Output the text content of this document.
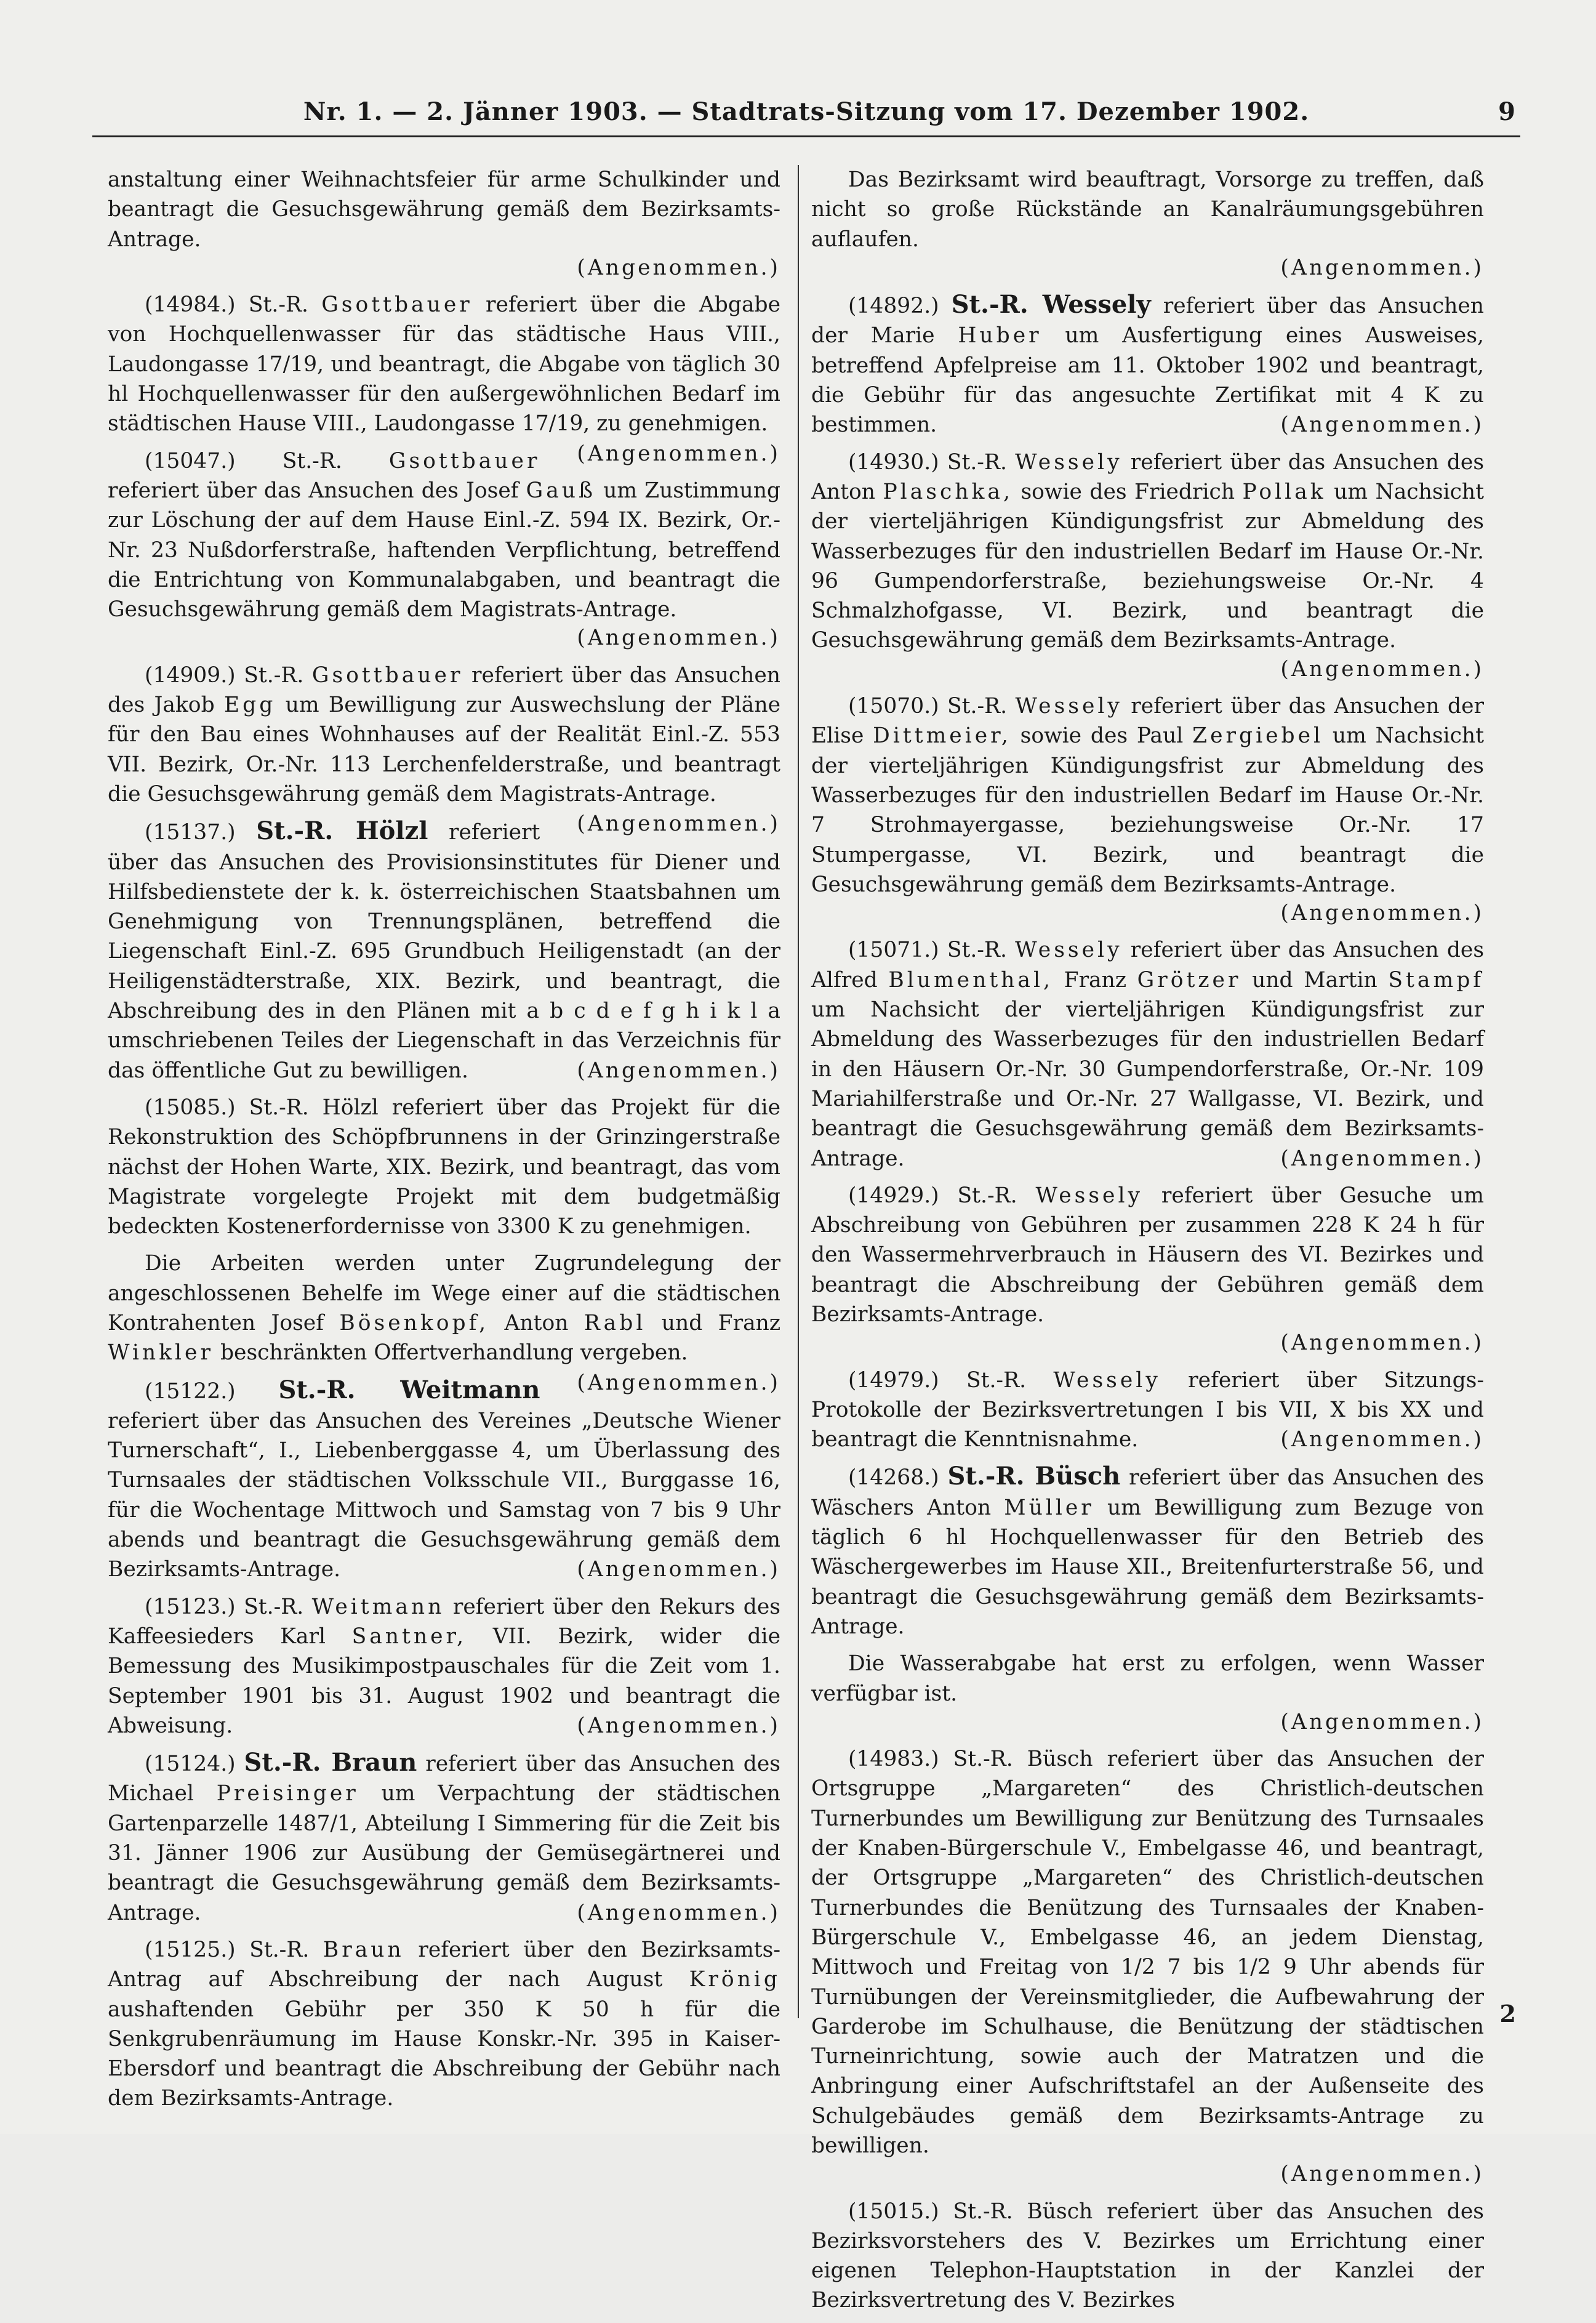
Nr. 1. — 2. Jänner 1903. — Stadtrats-Sitzung vom 17. Dezember 1902.	9

anstaltung einer Weihnachtsfeier für arme Schulkinder und beantragt die Gesuchsgewährung gemäß dem Bezirksamts-Antrage.
(Angenommen.)

(14984.) St.-R. Gsottbauer referiert über die Abgabe von Hochquellenwasser für das städtische Haus VIII., Laudongasse 17/19, und beantragt, die Abgabe von täglich 30 hl Hochquellenwasser für den außergewöhnlichen Bedarf im städtischen Hause VIII., Laudongasse 17/19, zu genehmigen.
(Angenommen.)

(15047.) St.-R. Gsottbauer referiert über das Ansuchen des Josef Gauß um Zustimmung zur Löschung der auf dem Hause Einl.-Z. 594 IX. Bezirk, Or.-Nr. 23 Nußdorferstraße, haftenden Verpflichtung, betreffend die Entrichtung von Kommunalabgaben, und beantragt die Gesuchsgewährung gemäß dem Magistrats-Antrage.
(Angenommen.)

(14909.) St.-R. Gsottbauer referiert über das Ansuchen des Jakob Egg um Bewilligung zur Auswechslung der Pläne für den Bau eines Wohnhauses auf der Realität Einl.-Z. 553 VII. Bezirk, Or.-Nr. 113 Lerchenfelderstraße, und beantragt die Gesuchsgewährung gemäß dem Magistrats-Antrage.
(Angenommen.)

(15137.) St.-R. Hölzl referiert über das Ansuchen des Provisionsinstitutes für Diener und Hilfsbedienstete der k. k. österreichischen Staatsbahnen um Genehmigung von Trennungsplänen, betreffend die Liegenschaft Einl.-Z. 695 Grundbuch Heiligenstadt (an der Heiligenstädterstraße, XIX. Bezirk, und beantragt, die Abschreibung des in den Plänen mit a b c d e f g h i k l a umschriebenen Teiles der Liegenschaft in das Verzeichnis für das öffentliche Gut zu bewilligen.	(Angenommen.)

(15085.) St.-R. Hölzl referiert über das Projekt für die Rekonstruktion des Schöpfbrunnens in der Grinzingerstraße nächst der Hohen Warte, XIX. Bezirk, und beantragt, das vom Magistrate vorgelegte Projekt mit dem budgetmäßig bedeckten Kostenerfordernisse von 3300 K zu genehmigen.

Die Arbeiten werden unter Zugrundelegung der angeschlossenen Behelfe im Wege einer auf die städtischen Kontrahenten Josef Bösenkopf, Anton Rabl und Franz Winkler beschränkten Offertverhandlung vergeben.
(Angenommen.)

(15122.) St.-R. Weitmann referiert über das Ansuchen des Vereines „Deutsche Wiener Turnerschaft“, I., Liebenberggasse 4, um Überlassung des Turnsaales der städtischen Volksschule VII., Burggasse 16, für die Wochentage Mittwoch und Samstag von 7 bis 9 Uhr abends und beantragt die Gesuchsgewährung gemäß dem Bezirksamts-Antrage.	(Angenommen.)

(15123.) St.-R. Weitmann referiert über den Rekurs des Kaffeesieders Karl Santner, VII. Bezirk, wider die Bemessung des Musikimpostpauschales für die Zeit vom 1. September 1901 bis 31. August 1902 und beantragt die Abweisung.	(Angenommen.)

(15124.) St.-R. Braun referiert über das Ansuchen des Michael Preisinger um Verpachtung der städtischen Gartenparzelle 1487/1, Abteilung I Simmering für die Zeit bis 31. Jänner 1906 zur Ausübung der Gemüsegärtnerei und beantragt die Gesuchsgewährung gemäß dem Bezirksamts-Antrage.	(Angenommen.)

(15125.) St.-R. Braun referiert über den Bezirksamts-Antrag auf Abschreibung der nach August Krönig aushaftenden Gebühr per 350 K 50 h für die Senkgrubenräumung im Hause Konskr.-Nr. 395 in Kaiser-Ebersdorf und beantragt die Abschreibung der Gebühr nach dem Bezirksamts-Antrage.

Das Bezirksamt wird beauftragt, Vorsorge zu treffen, daß nicht so große Rückstände an Kanalräumungsgebühren auflaufen.
(Angenommen.)

(14892.) St.-R. Wessely referiert über das Ansuchen der Marie Huber um Ausfertigung eines Ausweises, betreffend Apfelpreise am 11. Oktober 1902 und beantragt, die Gebühr für das angesuchte Zertifikat mit 4 K zu bestimmen.	(Angenommen.)

(14930.) St.-R. Wessely referiert über das Ansuchen des Anton Plaschka, sowie des Friedrich Pollak um Nachsicht der vierteljährigen Kündigungsfrist zur Abmeldung des Wasserbezuges für den industriellen Bedarf im Hause Or.-Nr. 96 Gumpendorferstraße, beziehungsweise Or.-Nr. 4 Schmalzhofgasse, VI. Bezirk, und beantragt die Gesuchsgewährung gemäß dem Bezirksamts-Antrage.
(Angenommen.)

(15070.) St.-R. Wessely referiert über das Ansuchen der Elise Dittmeier, sowie des Paul Zergiebel um Nachsicht der vierteljährigen Kündigungsfrist zur Abmeldung des Wasserbezuges für den industriellen Bedarf im Hause Or.-Nr. 7 Strohmayergasse, beziehungsweise Or.-Nr. 17 Stumpergasse, VI. Bezirk, und beantragt die Gesuchsgewährung gemäß dem Bezirksamts-Antrage.
(Angenommen.)

(15071.) St.-R. Wessely referiert über das Ansuchen des Alfred Blumenthal, Franz Grötzer und Martin Stampf um Nachsicht der vierteljährigen Kündigungsfrist zur Abmeldung des Wasserbezuges für den industriellen Bedarf in den Häusern Or.-Nr. 30 Gumpendorferstraße, Or.-Nr. 109 Mariahilferstraße und Or.-Nr. 27 Wallgasse, VI. Bezirk, und beantragt die Gesuchsgewährung gemäß dem Bezirksamts-Antrage.	(Angenommen.)

(14929.) St.-R. Wessely referiert über Gesuche um Abschreibung von Gebühren per zusammen 228 K 24 h für den Wassermehrverbrauch in Häusern des VI. Bezirkes und beantragt die Abschreibung der Gebühren gemäß dem Bezirksamts-Antrage.
(Angenommen.)

(14979.) St.-R. Wessely referiert über Sitzungs-Protokolle der Bezirksvertretungen I bis VII, X bis XX und beantragt die Kenntnisnahme.	(Angenommen.)

(14268.) St.-R. Büsch referiert über das Ansuchen des Wäschers Anton Müller um Bewilligung zum Bezuge von täglich 6 hl Hochquellenwasser für den Betrieb des Wäschergewerbes im Hause XII., Breitenfurterstraße 56, und beantragt die Gesuchsgewährung gemäß dem Bezirksamts-Antrage.

Die Wasserabgabe hat erst zu erfolgen, wenn Wasser verfügbar ist.
(Angenommen.)

(14983.) St.-R. Büsch referiert über das Ansuchen der Ortsgruppe „Margareten“ des Christlich-deutschen Turnerbundes um Bewilligung zur Benützung des Turnsaales der Knaben-Bürgerschule V., Embelgasse 46, und beantragt, der Ortsgruppe „Margareten“ des Christlich-deutschen Turnerbundes die Benützung des Turnsaales der Knaben-Bürgerschule V., Embelgasse 46, an jedem Dienstag, Mittwoch und Freitag von 1/2 7 bis 1/2 9 Uhr abends für Turnübungen der Vereinsmitglieder, die Aufbewahrung der Garderobe im Schulhause, die Benützung der städtischen Turneinrichtung, sowie auch der Matratzen und die Anbringung einer Aufschriftstafel an der Außenseite des Schulgebäudes gemäß dem Bezirksamts-Antrage zu bewilligen.
(Angenommen.)

(15015.) St.-R. Büsch referiert über das Ansuchen des Bezirksvorstehers des V. Bezirkes um Errichtung einer eigenen Telephon-Hauptstation in der Kanzlei der Bezirksvertretung des V. Bezirkes

2
